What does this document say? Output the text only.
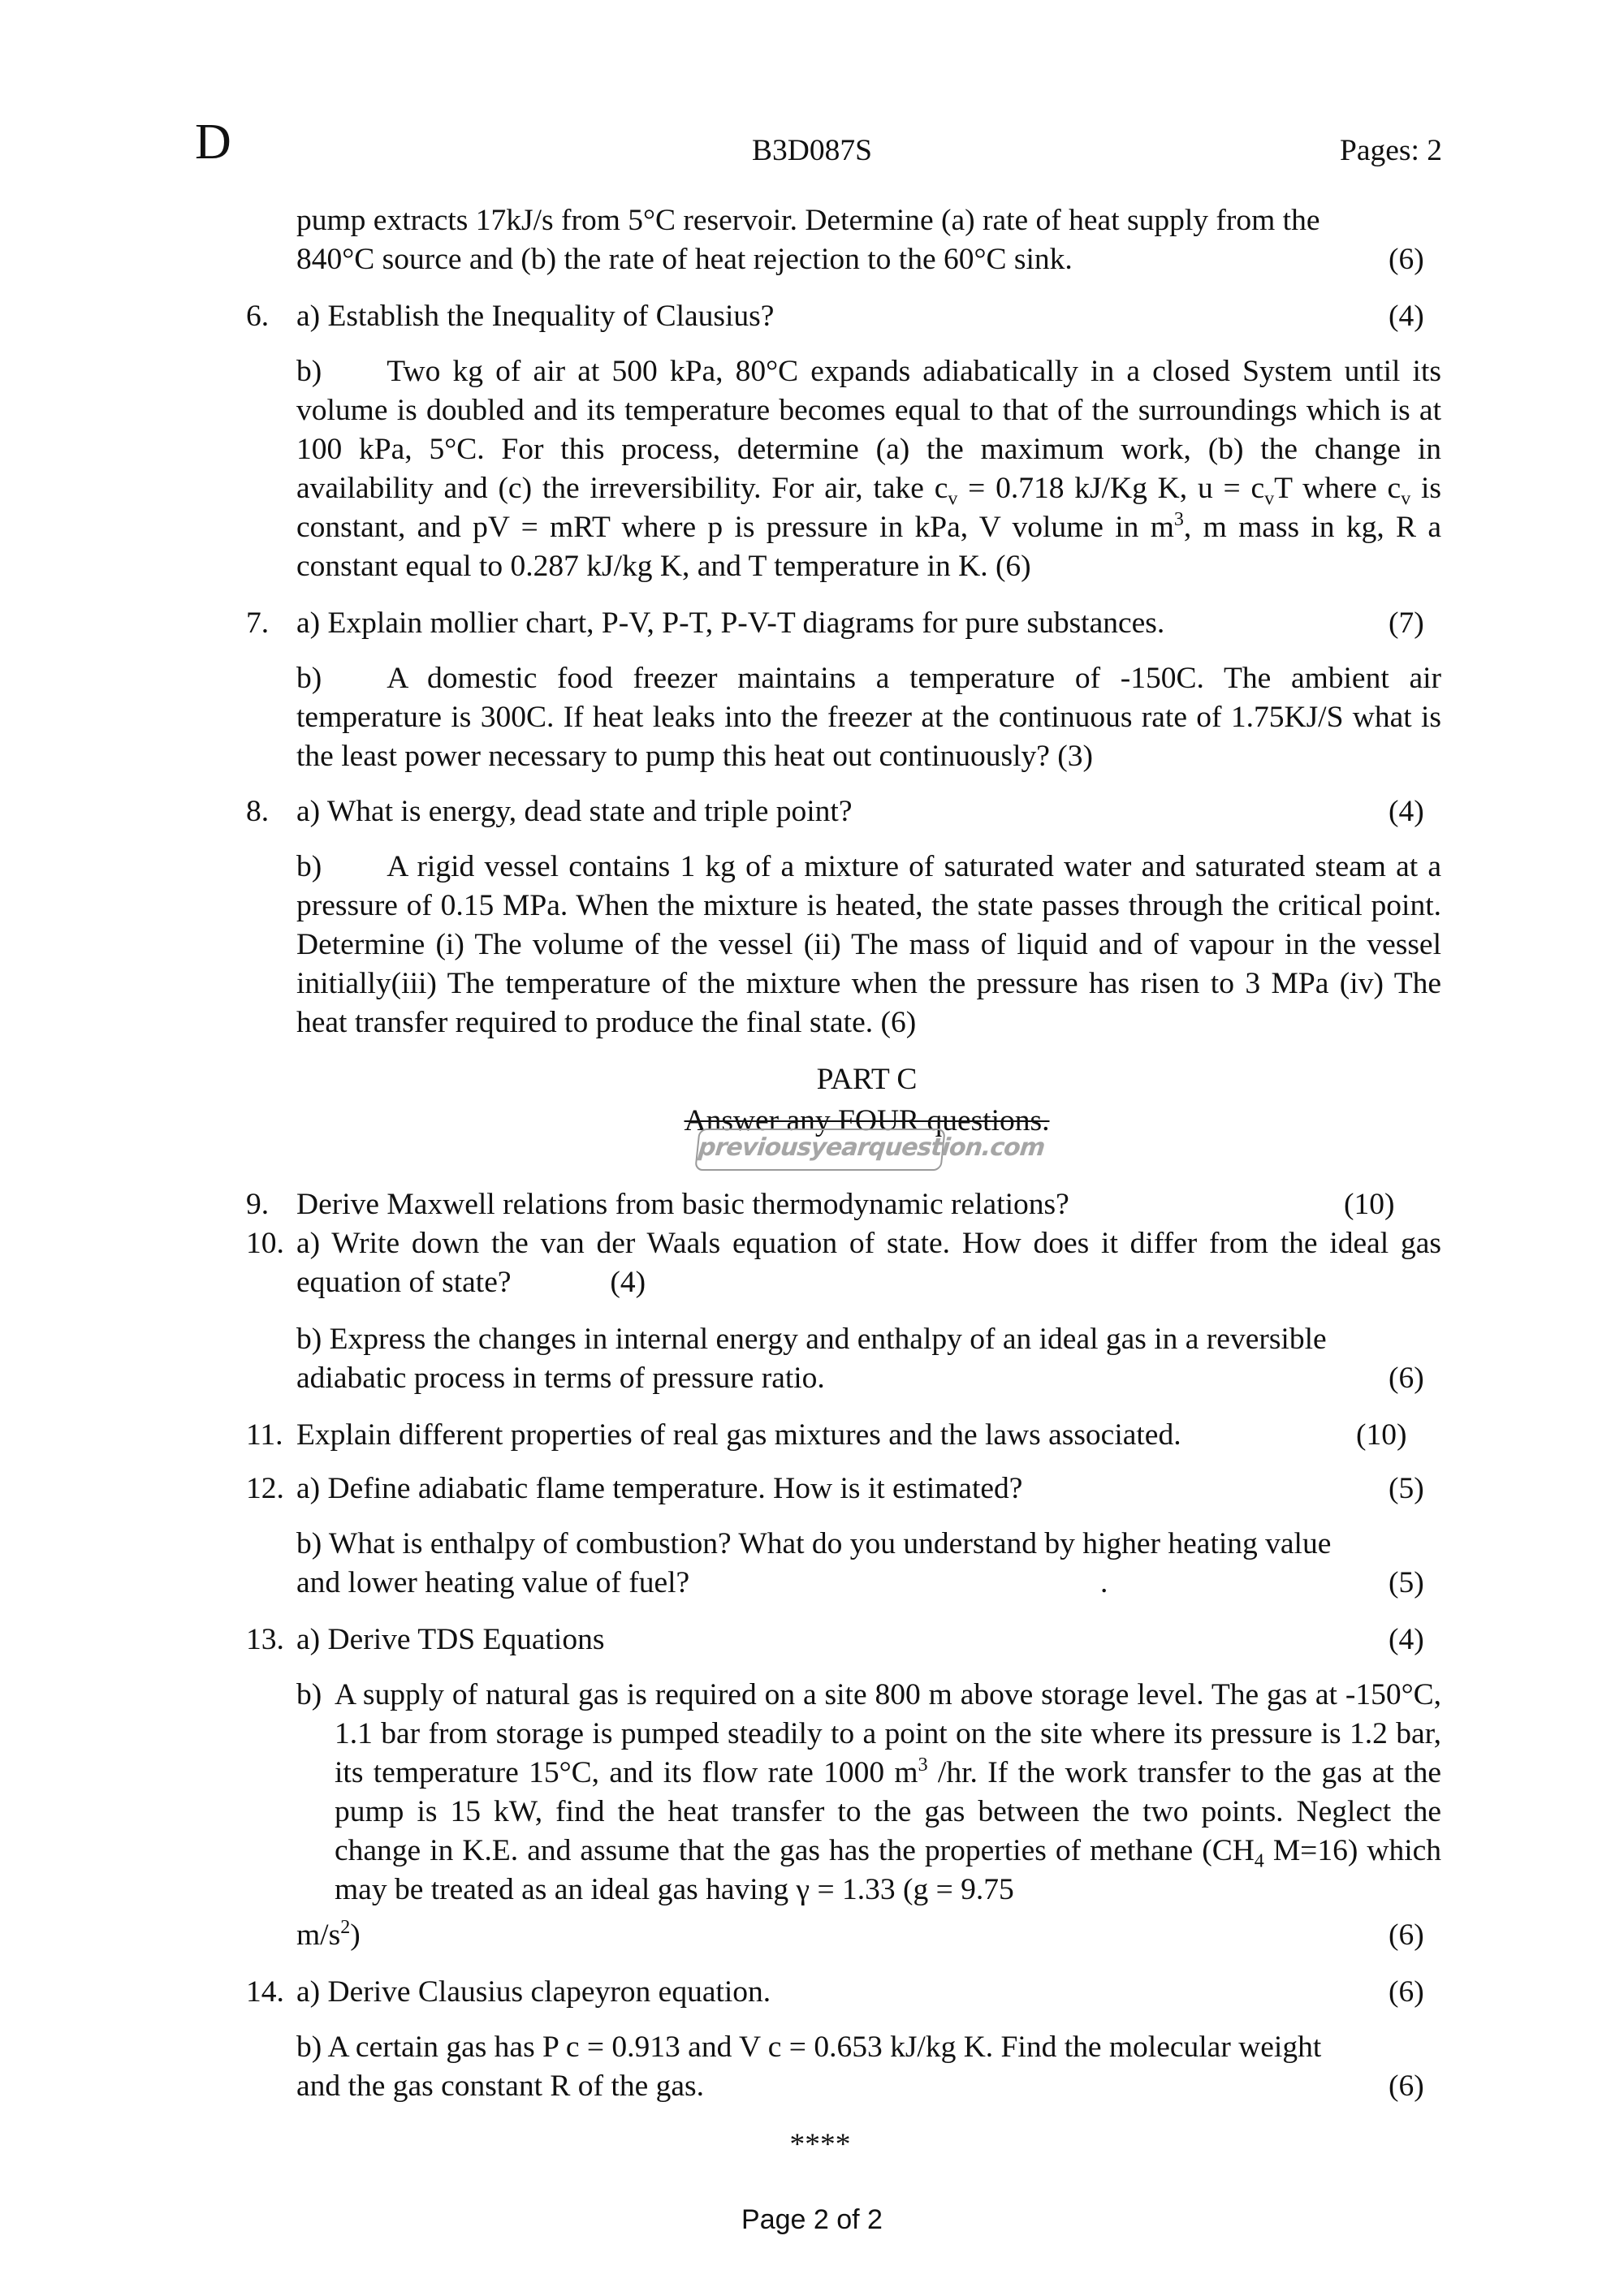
D	B3D087S	Pages: 2
pump extracts 17kJ/s from 5°C reservoir. Determine (a) rate of heat supply from the
840°C source and (b) the rate of heat rejection to the 60°C sink.	(6)
6. a) Establish the Inequality of Clausius?	(4)
b) Two kg of air at 500 kPa, 80°C expands adiabatically in a closed System until its volume is doubled and its temperature becomes equal to that of the surroundings which is at 100 kPa, 5°C. For this process, determine (a) the maximum work, (b) the change in availability and (c) the irreversibility. For air, take $c_v = 0.718$ kJ/Kg K, $u = c_vT$ where $c_v$ is constant, and pV = mRT where p is pressure in kPa, V volume in $m^3$, m mass in kg, R a constant equal to 0.287 kJ/kg K, and T temperature in K. (6)
7. a) Explain mollier chart, P-V, P-T, P-V-T diagrams for pure substances.	(7)
b) A domestic food freezer maintains a temperature of -150C. The ambient air temperature is 300C. If heat leaks into the freezer at the continuous rate of 1.75KJ/S what is the least power necessary to pump this heat out continuously? (3)
8. a) What is energy, dead state and triple point?	(4)
b) A rigid vessel contains 1 kg of a mixture of saturated water and saturated steam at a pressure of 0.15 MPa. When the mixture is heated, the state passes through the critical point. Determine (i) The volume of the vessel (ii) The mass of liquid and of vapour in the vessel initially(iii) The temperature of the mixture when the pressure has risen to 3 MPa (iv) The heat transfer required to produce the final state. (6)
PART C
Answer any FOUR questions.
previousyearquestion.com
9. Derive Maxwell relations from basic thermodynamic relations?	(10)
10. a) Write down the van der Waals equation of state. How does it differ from the ideal gas equation of state?	(4)
b) Express the changes in internal energy and enthalpy of an ideal gas in a reversible adiabatic process in terms of pressure ratio.	(6)
11. Explain different properties of real gas mixtures and the laws associated.	(10)
12. a) Define adiabatic flame temperature. How is it estimated?	(5)
b) What is enthalpy of combustion? What do you understand by higher heating value
and lower heating value of fuel?	.	(5)
13. a) Derive TDS Equations	(4)
b) A supply of natural gas is required on a site 800 m above storage level. The gas at -150°C, 1.1 bar from storage is pumped steadily to a point on the site where its pressure is 1.2 bar, its temperature 15°C, and its flow rate 1000 $m^3$ /hr. If the work transfer to the gas at the pump is 15 kW, find the heat transfer to the gas between the two points. Neglect the change in K.E. and assume that the gas has the properties of methane ($CH_4$ M=16) which may be treated as an ideal gas having γ = 1.33 (g = 9.75
$m/s^2$)	(6)
14. a) Derive Clausius clapeyron equation.	(6)
b) A certain gas has P c = 0.913 and V c = 0.653 kJ/kg K. Find the molecular weight
and the gas constant R of the gas.	(6)
****
Page 2 of 2
